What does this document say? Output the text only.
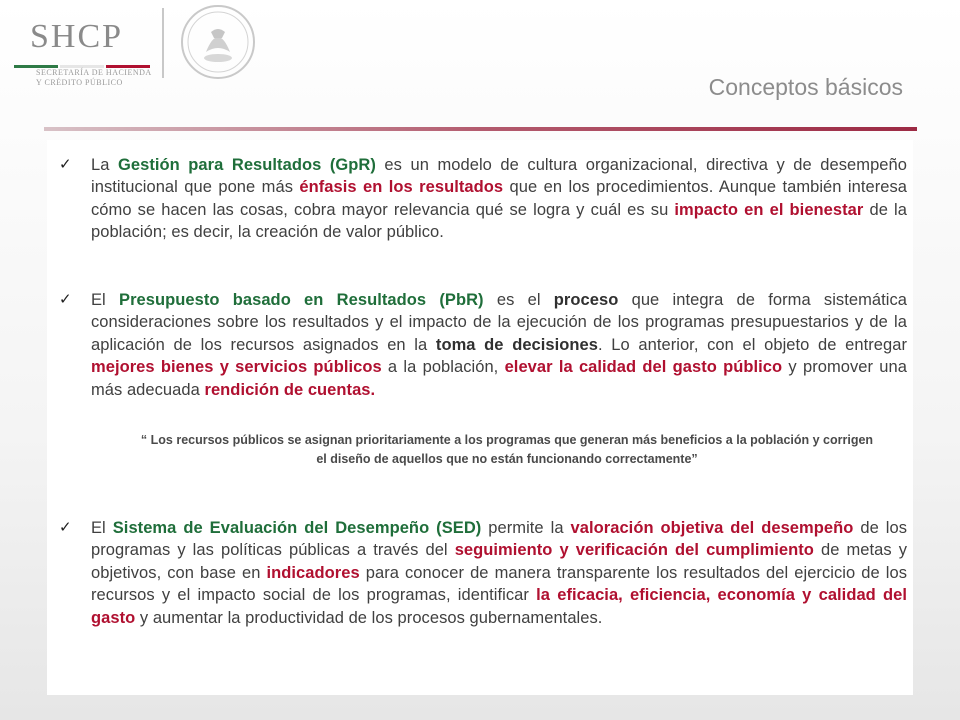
SHCP
SECRETARÍA DE HACIENDA
Y CRÉDITO PÚBLICO	Conceptos básicos
✓ La Gestión para Resultados (GpR) es un modelo de cultura organizacional, directiva y de desempeño institucional que pone más énfasis en los resultados que en los procedimientos. Aunque también interesa cómo se hacen las cosas, cobra mayor relevancia qué se logra y cuál es su impacto en el bienestar de la población; es decir, la creación de valor público.
✓ El Presupuesto basado en Resultados (PbR) es el proceso que integra de forma sistemática consideraciones sobre los resultados y el impacto de la ejecución de los programas presupuestarios y de la aplicación de los recursos asignados en la toma de decisiones. Lo anterior, con el objeto de entregar mejores bienes y servicios públicos a la población, elevar la calidad del gasto público y promover una más adecuada rendición de cuentas.
“ Los recursos públicos se asignan prioritariamente a los programas que generan más beneficios a la población y corrigen el diseño de aquellos que no están funcionando correctamente”
✓ El Sistema de Evaluación del Desempeño (SED) permite la valoración objetiva del desempeño de los programas y las políticas públicas a través del seguimiento y verificación del cumplimiento de metas y objetivos, con base en indicadores para conocer de manera transparente los resultados del ejercicio de los recursos y el impacto social de los programas, identificar la eficacia, eficiencia, economía y calidad del gasto y aumentar la productividad de los procesos gubernamentales.
